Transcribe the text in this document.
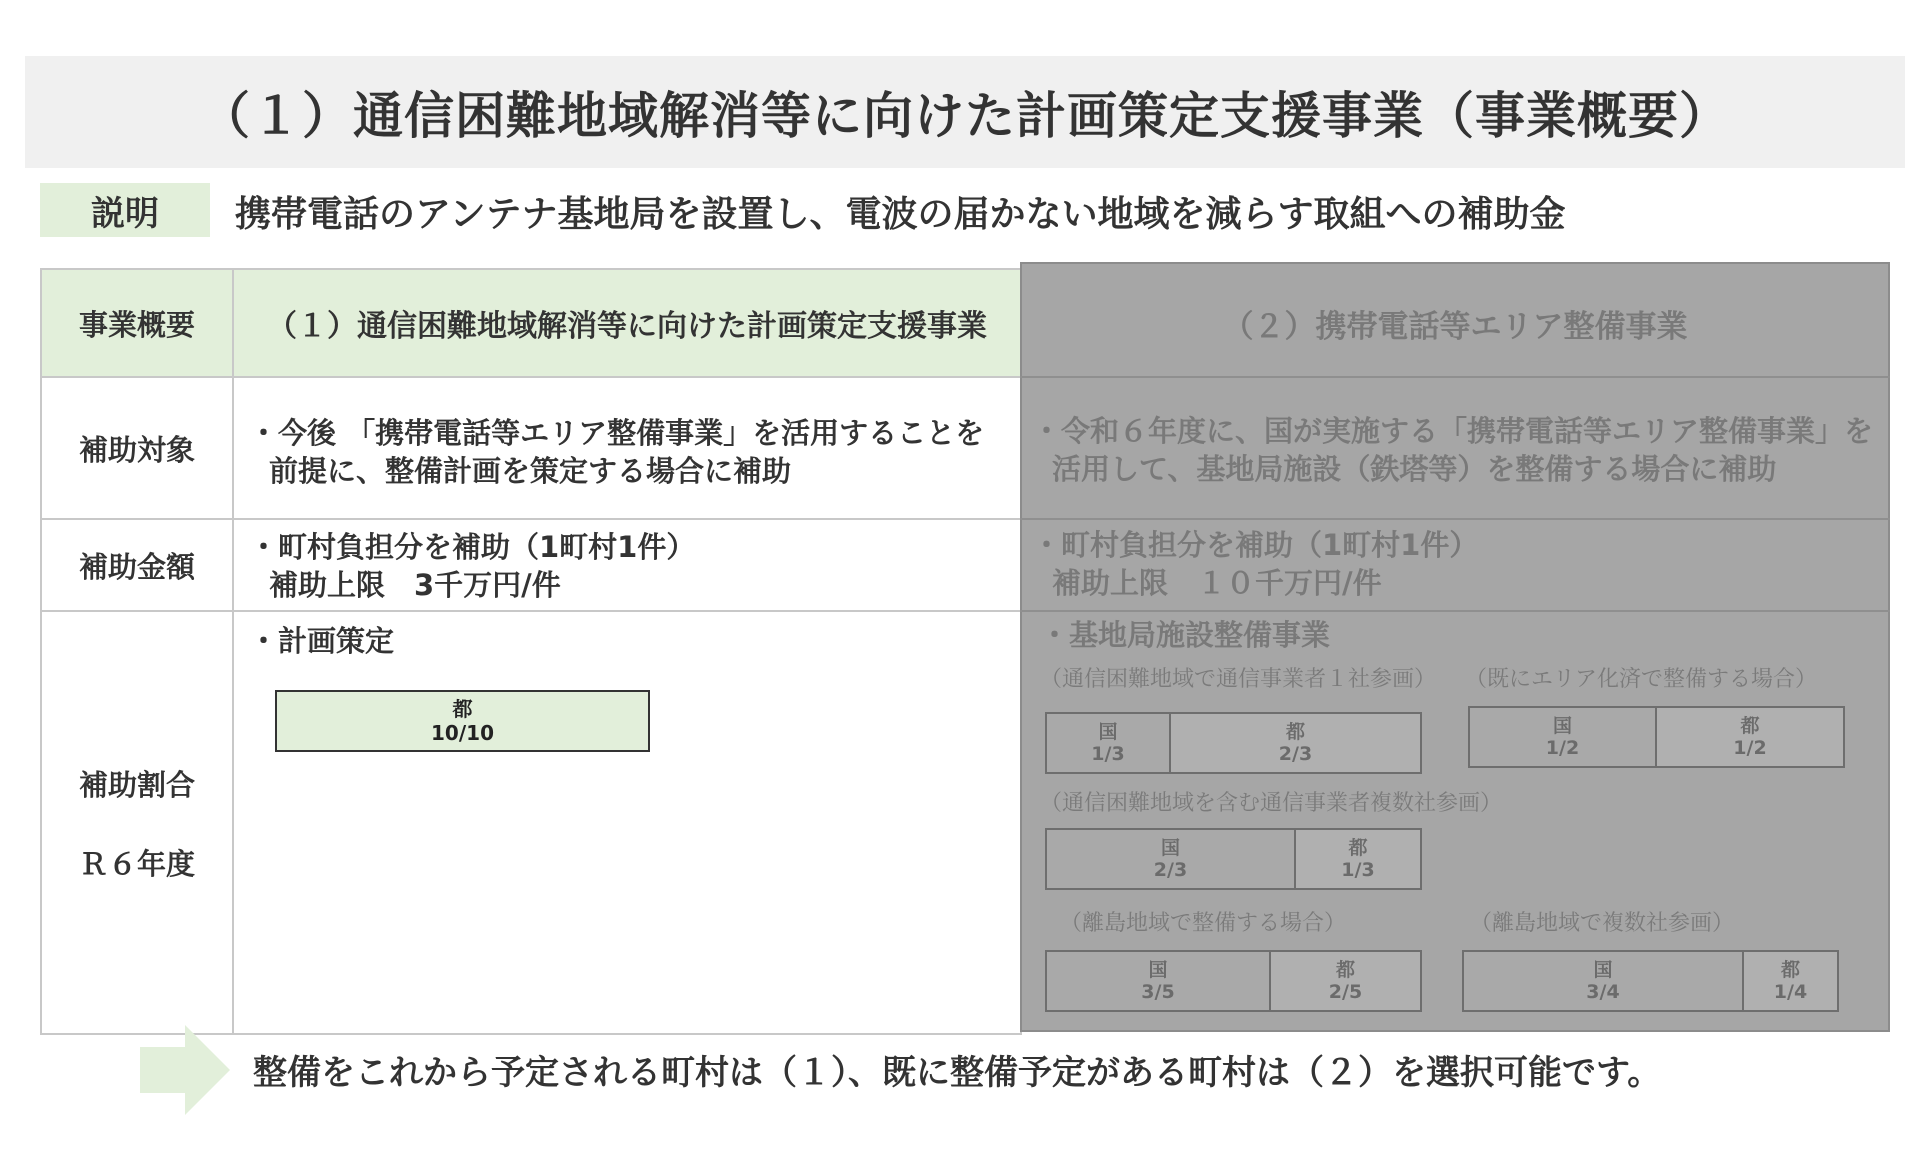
（１）通信困難地域解消等に向けた計画策定支援事業（事業概要）
説明	携帯電話のアンテナ基地局を設置し、電波の届かない地域を減らす取組への補助金
事業概要
補助対象
補助金額
補助割合
Ｒ６年度
（１）通信困難地域解消等に向けた計画策定支援事業
・今後 「携帯電話等エリア整備事業」を活用することを
前提に、整備計画を策定する場合に補助
・町村負担分を補助（1町村1件）
補助上限　3千万円/件
・計画策定
都
10/10
（２）携帯電話等エリア整備事業
・令和６年度に、国が実施する「携帯電話等エリア整備事業」を
活用して、基地局施設（鉄塔等）を整備する場合に補助
・町村負担分を補助（1町村1件）
補助上限　１０千万円/件
・基地局施設整備事業
（通信困難地域で通信事業者１社参画） （既にエリア化済で整備する場合）
（通信困難地域を含む通信事業者複数社参画）
（離島地域で整備する場合）	（離島地域で複数社参画）
国
1/3
都
2/3
国
1/2
都
1/2
国
2/3
都
1/3
国
3/5
都
2/5
国
3/4
都
1/4
整備をこれから予定される町村は（１）、既に整備予定がある町村は（２）を選択可能です。
